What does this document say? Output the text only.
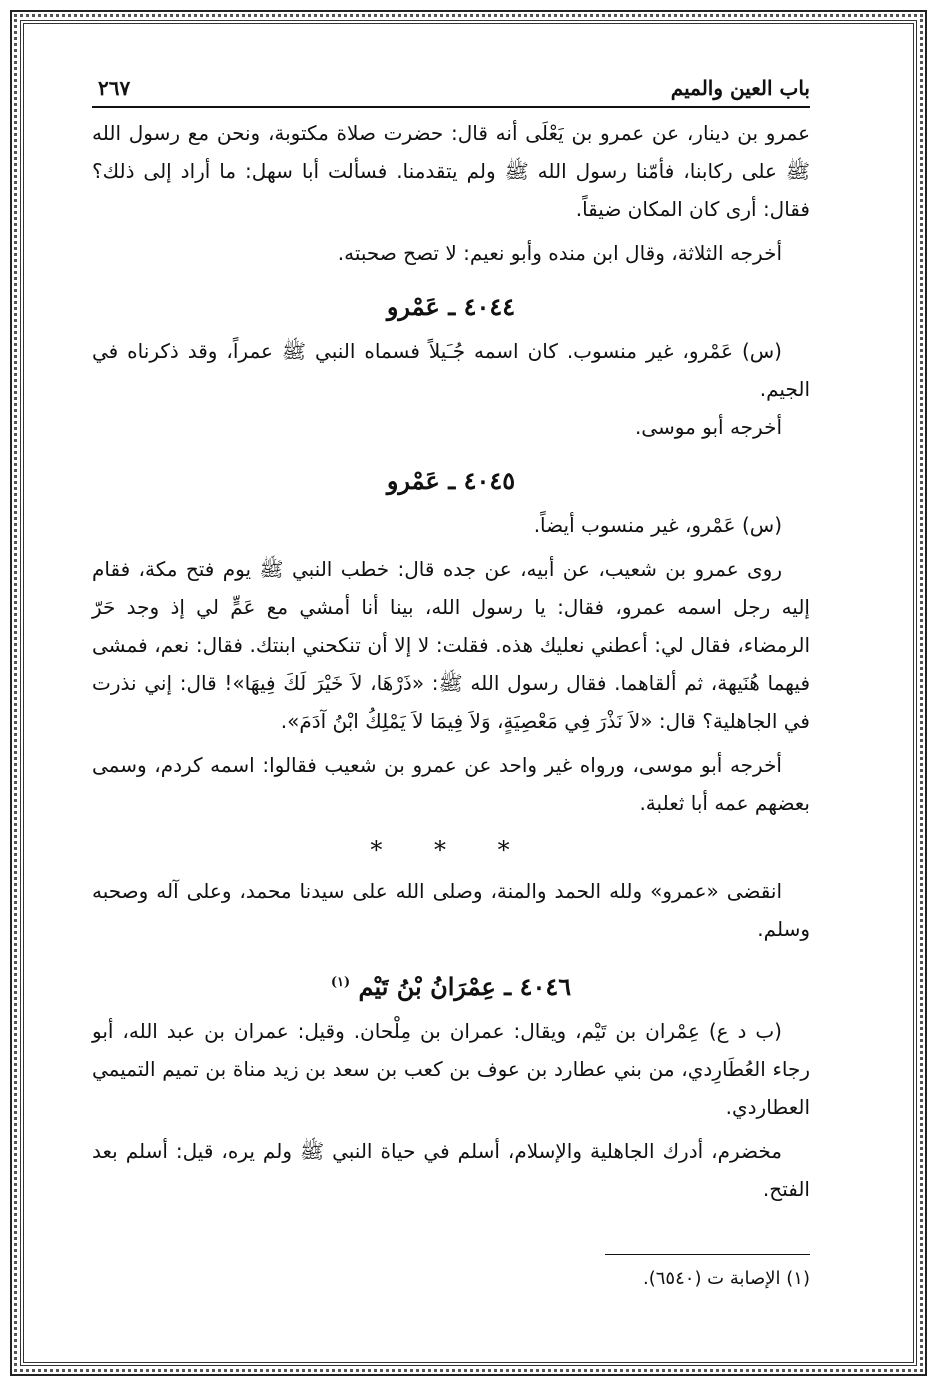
باب العين والميم
٢٦٧

عمرو بن دينار، عن عمرو بن يَعْلَى أنه قال: حضرت صلاة مكتوبة، ونحن مع رسول الله ﷺ على ركابنا، فأمّنا رسول الله ﷺ ولم يتقدمنا. فسألت أبا سهل: ما أراد إلى ذلك؟ فقال: أرى كان المكان ضيقاً.

أخرجه الثلاثة، وقال ابن منده وأبو نعيم: لا تصح صحبته.

٤٠٤٤ ـ عَمْرو

(س) عَمْرو، غير منسوب. كان اسمه جُـَيلاً فسماه النبي ﷺ عمراً، وقد ذكرناه في الجيم.

أخرجه أبو موسى.

٤٠٤٥ ـ عَمْرو

(س) عَمْرو، غير منسوب أيضاً.

روى عمرو بن شعيب، عن أبيه، عن جده قال: خطب النبي ﷺ يوم فتح مكة، فقام إليه رجل اسمه عمرو، فقال: يا رسول الله، بينا أنا أمشي مع عَمٍّ لي إذ وجد حَرّ الرمضاء، فقال لي: أعطني نعليك هذه. فقلت: لا إلا أن تنكحني ابنتك. فقال: نعم، فمشى فيهما هُنَيهة، ثم ألقاهما. فقال رسول الله ﷺ: «ذَرْهَا، لاَ خَيْرَ لَكَ فِيهَا»! قال: إني نذرت في الجاهلية؟ قال: «لاَ نَذْرَ فِي مَعْصِيَةٍ، وَلاَ فِيمَا لاَ يَمْلِكُ ابْنُ آدَمَ».

أخرجه أبو موسى، ورواه غير واحد عن عمرو بن شعيب فقالوا: اسمه كردم، وسمى بعضهم عمه أبا ثعلبة.

* * *

انقضى «عمرو» ولله الحمد والمنة، وصلى الله على سيدنا محمد، وعلى آله وصحبه وسلم.

٤٠٤٦ ـ عِمْرَانُ بْنُ تَيْم $^{(١)}$

(ب د ع) عِمْران بن تَيْم، ويقال: عمران بن مِلْحان. وقيل: عمران بن عبد الله، أبو رجاء العُطَارِدي، من بني عطارد بن عوف بن كعب بن سعد بن زيد مناة بن تميم التميمي العطاردي.

مخضرم، أدرك الجاهلية والإسلام، أسلم في حياة النبي ﷺ ولم يره، قيل: أسلم بعد الفتح.

(١) الإصابة ت (٦٥٤٠).
